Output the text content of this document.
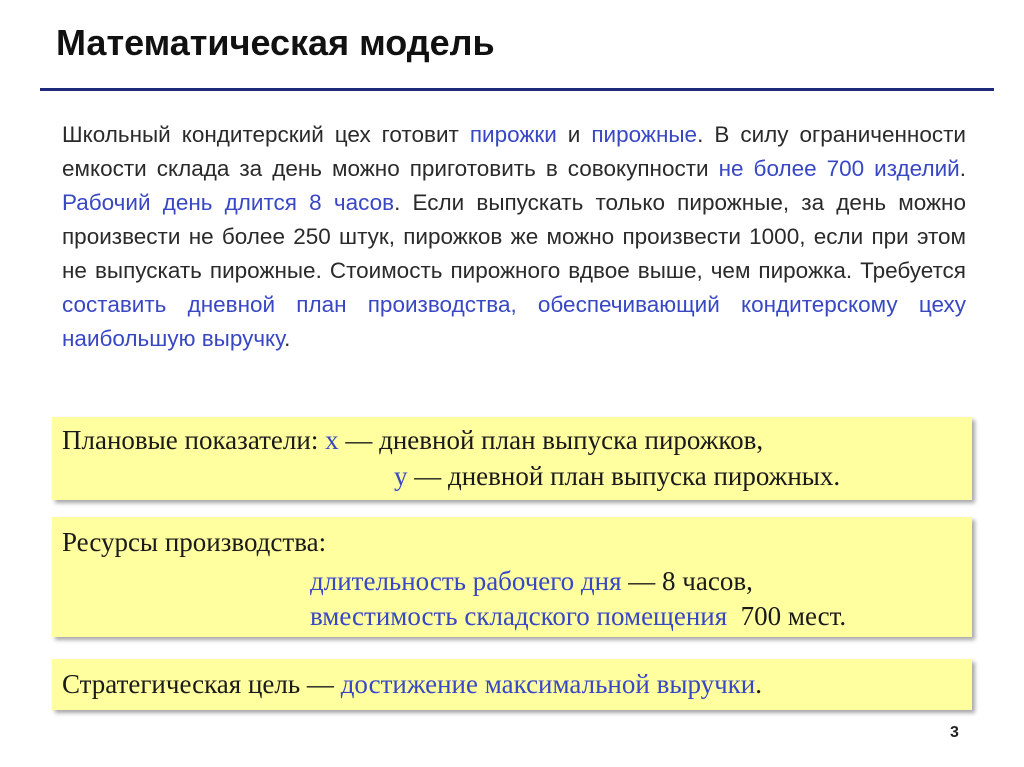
Математическая модель
Школьный кондитерский цех готовит пирожки и пирожные. В силу ограниченности емкости склада за день можно приготовить в совокупности не более 700 изделий. Рабочий день длится 8 часов. Если выпускать только пирожные, за день можно произвести не более 250 штук, пирожков же можно произвести 1000, если при этом не выпускать пирожные. Стоимость пирожного вдвое выше, чем пирожка. Требуется составить дневной план производства, обеспечивающий кондитерскому цеху наибольшую выручку.
Плановые показатели: x — дневной план выпуска пирожков,
y — дневной план выпуска пирожных.
Ресурсы производства:
длительность рабочего дня — 8 часов,
вместимость складского помещения  700 мест.
Стратегическая цель — достижение максимальной выручки.
3
